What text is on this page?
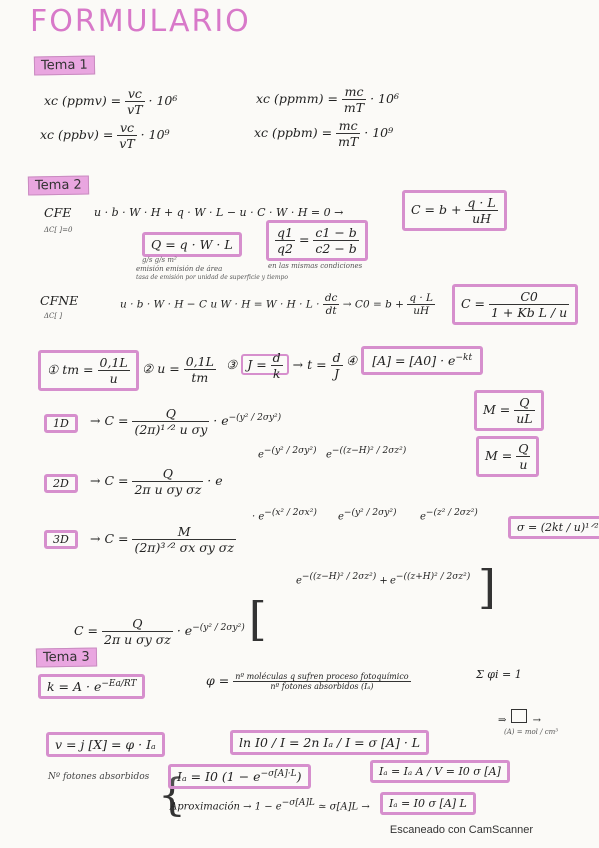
FORMULARIO
Tema 1
xc (ppmv) = $\frac{vc}{vT} \cdot 10^6$	xc (ppmm) = $\frac{mc}{mT} \cdot 10^6$
xc (ppbv) = $\frac{vc}{vT} \cdot 10^9$	xc (ppbm) = $\frac{mc}{mT} \cdot 10^9$
Tema 2
CFE
ΔC[ ]=0
u · b · W · H + q · W · L − u · C · W · H = 0 →	$C = b + \frac{q \cdot L}{uH}$
Q = q · W · L
g/s g/s m²
emisión emisión de área
tasa de emisión por unidad de superficie y tiempo
$\frac{q1}{q2} = \frac{c1 - b}{c2 - b}$
en las mismas condiciones
CFNE
ΔC[ ]
u · b · W · H − C u $W \cdot H = W \cdot H \cdot L \cdot \frac{dc}{dt} \to C0 = b + \frac{q \cdot L}{uH}$	$C = \frac{C0}{\text{1 + Kb L / u}}$
① tm = $\frac{0,1L}{u}$ ② $u = \frac{0,1L}{tm}$ ③ $J = \frac{d}{k} \to t = \frac{d}{J}$ ④ $[A] = [A0] \cdot e^{-kt}$
1D	→ $C = \frac{Q}{\text{(2π)¹ᐟ² u σy}} \cdot e^{-(y^2 / 2\sigma y^2)}$
$M = \frac{Q}{uL}$
$M = \frac{Q}{u}$
2D	→ $C = \frac{Q}{\text{2π u σy σz}} \cdot e$
e−(y² / 2σy²) e−((z−H)² / 2σz²)
3D	→ $C = \frac{M}{\text{(2π)³ᐟ² σx σy σz}}$
· e−(x² / 2σx²) e−(y² / 2σy²) e−(z² / 2σz²)
σ = (2kt / u)¹ᐟ²
$C = \frac{Q}{\text{2π u σy σz}} \cdot e^{-(y^2 / 2\sigma y^2)}$ [
e−((z−H)² / 2σz²) + e−((z+H)² / 2σz²) ]
Tema 3
$k = A \cdot e^{-Ea/RT}$	$\varphi = \frac{\text{nº moléculas q sufren proceso fotoquímico}}{\text{nº fotones absorbidos (Iₐ)}}$	Σ φi = 1
⇒	→
(A) = mol / cm³
v = j [X] = φ · Iₐ	ln I0 / I = 2n Iₐ / I = σ [A] · L
Nº fotones absorbidos {
Iₐ = I0 $(1 - e^{-\sigma[A]\cdot L})$	Iₐ = Iₐ A / V = I0 σ [A]
Aproximación → 1 − e−σ[A]L ≃ σ[A]L →	Iₐ = I0 σ [A] L
Escaneado con CamScanner
